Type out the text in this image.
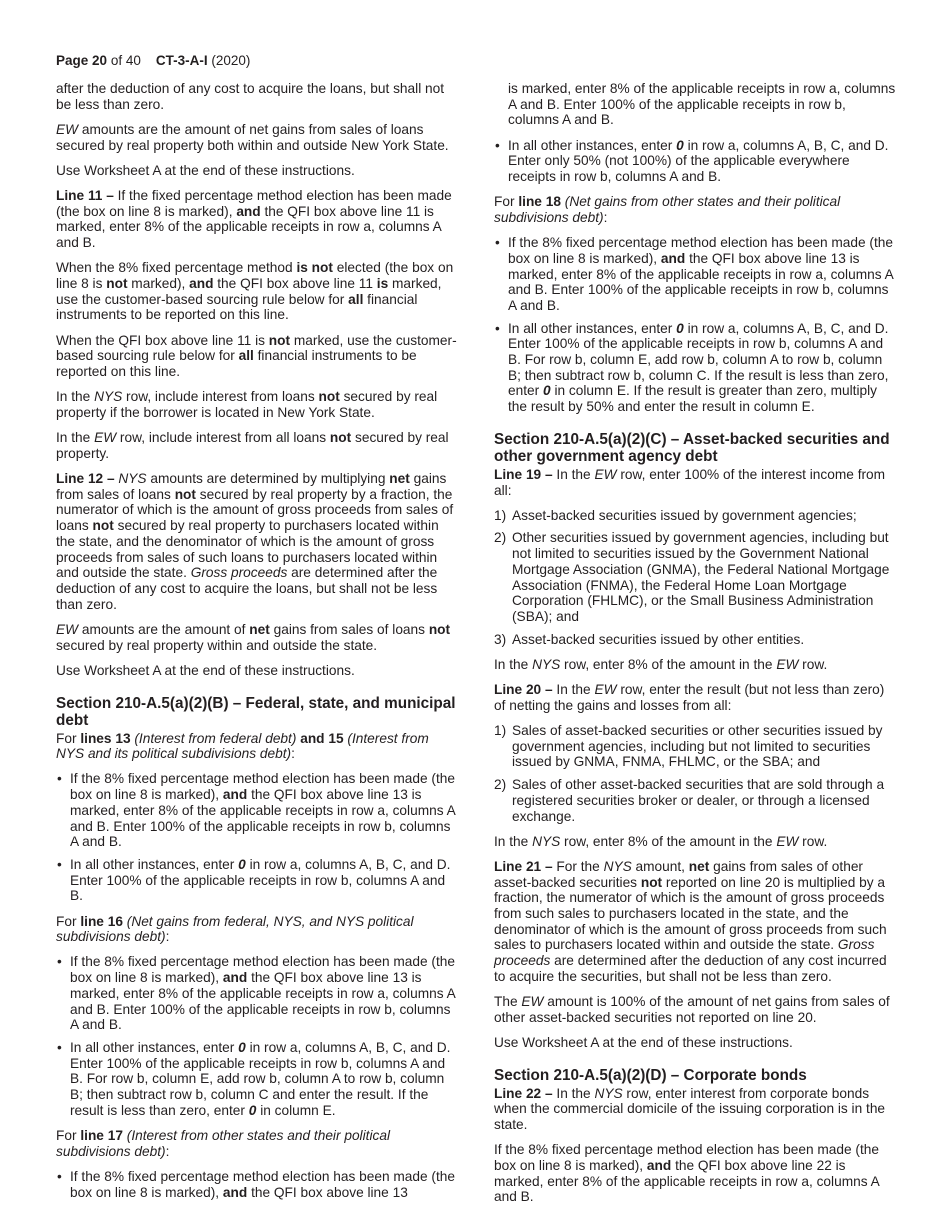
Page 20 of 40 CT-3-A-I (2020)

after the deduction of any cost to acquire the loans, but shall not be less than zero.

EW amounts are the amount of net gains from sales of loans secured by real property both within and outside New York State.

Use Worksheet A at the end of these instructions.

Line 11 – If the fixed percentage method election has been made (the box on line 8 is marked), and the QFI box above line 11 is marked, enter 8% of the applicable receipts in row a, columns A and B.

When the 8% fixed percentage method is not elected (the box on line 8 is not marked), and the QFI box above line 11 is marked, use the customer-based sourcing rule below for all financial instruments to be reported on this line.

When the QFI box above line 11 is not marked, use the customer-based sourcing rule below for all financial instruments to be reported on this line.

In the NYS row, include interest from loans not secured by real property if the borrower is located in New York State.

In the EW row, include interest from all loans not secured by real property.

Line 12 – NYS amounts are determined by multiplying net gains from sales of loans not secured by real property by a fraction, the numerator of which is the amount of gross proceeds from sales of loans not secured by real property to purchasers located within the state, and the denominator of which is the amount of gross proceeds from sales of such loans to purchasers located within and outside the state. Gross proceeds are determined after the deduction of any cost to acquire the loans, but shall not be less than zero.

EW amounts are the amount of net gains from sales of loans not secured by real property within and outside the state.

Use Worksheet A at the end of these instructions.

Section 210-A.5(a)(2)(B) – Federal, state, and municipal debt

For lines 13 (Interest from federal debt) and 15 (Interest from NYS and its political subdivisions debt):

• If the 8% fixed percentage method election has been made (the box on line 8 is marked), and the QFI box above line 13 is marked, enter 8% of the applicable receipts in row a, columns A and B. Enter 100% of the applicable receipts in row b, columns A and B.
• In all other instances, enter 0 in row a, columns A, B, C, and D. Enter 100% of the applicable receipts in row b, columns A and B.

For line 16 (Net gains from federal, NYS, and NYS political subdivisions debt):

• If the 8% fixed percentage method election has been made (the box on line 8 is marked), and the QFI box above line 13 is marked, enter 8% of the applicable receipts in row a, columns A and B. Enter 100% of the applicable receipts in row b, columns A and B.
• In all other instances, enter 0 in row a, columns A, B, C, and D. Enter 100% of the applicable receipts in row b, columns A and B. For row b, column E, add row b, column A to row b, column B; then subtract row b, column C and enter the result. If the result is less than zero, enter 0 in column E.

For line 17 (Interest from other states and their political subdivisions debt):

• If the 8% fixed percentage method election has been made (the box on line 8 is marked), and the QFI box above line 13

is marked, enter 8% of the applicable receipts in row a, columns A and B. Enter 100% of the applicable receipts in row b, columns A and B.

• In all other instances, enter 0 in row a, columns A, B, C, and D. Enter only 50% (not 100%) of the applicable everywhere receipts in row b, columns A and B.

For line 18 (Net gains from other states and their political subdivisions debt):

• If the 8% fixed percentage method election has been made (the box on line 8 is marked), and the QFI box above line 13 is marked, enter 8% of the applicable receipts in row a, columns A and B. Enter 100% of the applicable receipts in row b, columns A and B.
• In all other instances, enter 0 in row a, columns A, B, C, and D. Enter 100% of the applicable receipts in row b, columns A and B. For row b, column E, add row b, column A to row b, column B; then subtract row b, column C. If the result is less than zero, enter 0 in column E. If the result is greater than zero, multiply the result by 50% and enter the result in column E.
Section 210-A.5(a)(2)(C) – Asset-backed securities and other government agency debt

Line 19 – In the EW row, enter 100% of the interest income from all:

1) Asset-backed securities issued by government agencies;
2) Other securities issued by government agencies, including but not limited to securities issued by the Government National Mortgage Association (GNMA), the Federal National Mortgage Association (FNMA), the Federal Home Loan Mortgage Corporation (FHLMC), or the Small Business Administration (SBA); and
3) Asset-backed securities issued by other entities.

In the NYS row, enter 8% of the amount in the EW row.

Line 20 – In the EW row, enter the result (but not less than zero) of netting the gains and losses from all:

1) Sales of asset-backed securities or other securities issued by government agencies, including but not limited to securities issued by GNMA, FNMA, FHLMC, or the SBA; and
2) Sales of other asset-backed securities that are sold through a registered securities broker or dealer, or through a licensed exchange.

In the NYS row, enter 8% of the amount in the EW row.

Line 21 – For the NYS amount, net gains from sales of other asset-backed securities not reported on line 20 is multiplied by a fraction, the numerator of which is the amount of gross proceeds from such sales to purchasers located in the state, and the denominator of which is the amount of gross proceeds from such sales to purchasers located within and outside the state. Gross proceeds are determined after the deduction of any cost incurred to acquire the securities, but shall not be less than zero.

The EW amount is 100% of the amount of net gains from sales of other asset-backed securities not reported on line 20.

Use Worksheet A at the end of these instructions.

Section 210-A.5(a)(2)(D) – Corporate bonds

Line 22 – In the NYS row, enter interest from corporate bonds when the commercial domicile of the issuing corporation is in the state.

If the 8% fixed percentage method election has been made (the box on line 8 is marked), and the QFI box above line 22 is marked, enter 8% of the applicable receipts in row a, columns A and B.
